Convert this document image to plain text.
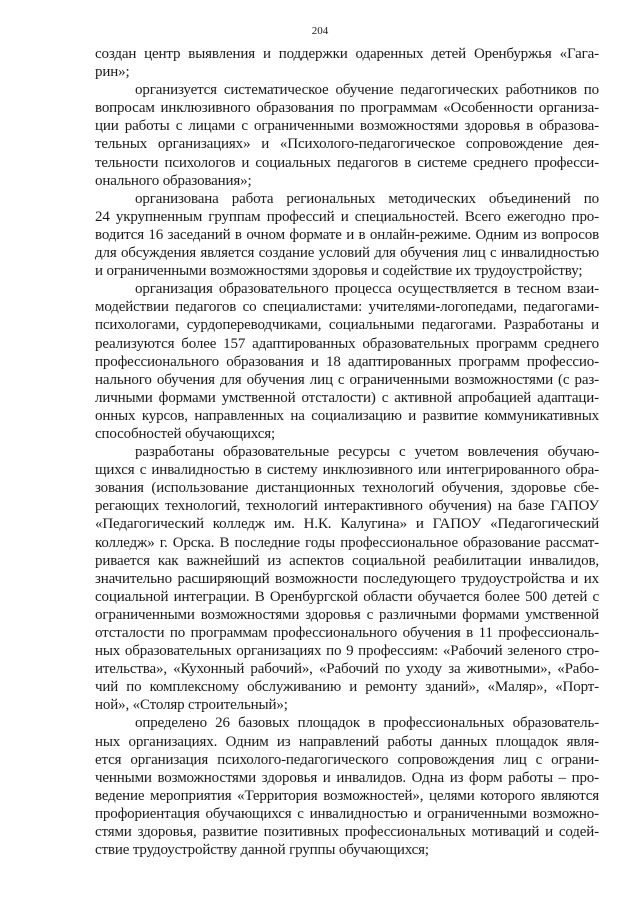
204
создан центр выявления и поддержки одаренных детей Оренбуржья «Гага-
рин»;
организуется систематическое обучение педагогических работников по
вопросам инклюзивного образования по программам «Особенности организа-
ции работы с лицами с ограниченными возможностями здоровья в образова-
тельных организациях» и «Психолого-педагогическое сопровождение дея-
тельности психологов и социальных педагогов в системе среднего професси-
онального образования»;
организована работа региональных методических объединений по
24 укрупненным группам профессий и специальностей. Всего ежегодно про-
водится 16 заседаний в очном формате и в онлайн-режиме. Одним из вопросов
для обсуждения является создание условий для обучения лиц с инвалидностью
и ограниченными возможностями здоровья и содействие их трудоустройству;
организация образовательного процесса осуществляется в тесном взаи-
модействии педагогов со специалистами: учителями-логопедами, педагогами-
психологами, сурдопереводчиками, социальными педагогами. Разработаны и
реализуются более 157 адаптированных образовательных программ среднего
профессионального образования и 18 адаптированных программ профессио-
нального обучения для обучения лиц с ограниченными возможностями (с раз-
личными формами умственной отсталости) с активной апробацией адаптаци-
онных курсов, направленных на социализацию и развитие коммуникативных
способностей обучающихся;
разработаны образовательные ресурсы с учетом вовлечения обучаю-
щихся с инвалидностью в систему инклюзивного или интегрированного обра-
зования (использование дистанционных технологий обучения, здоровье сбе-
регающих технологий, технологий интерактивного обучения) на базе ГАПОУ
«Педагогический колледж им. Н.К. Калугина» и ГАПОУ «Педагогический
колледж» г. Орска. В последние годы профессиональное образование рассмат-
ривается как важнейший из аспектов социальной реабилитации инвалидов,
значительно расширяющий возможности последующего трудоустройства и их
социальной интеграции. В Оренбургской области обучается более 500 детей с
ограниченными возможностями здоровья с различными формами умственной
отсталости по программам профессионального обучения в 11 профессиональ-
ных образовательных организациях по 9 профессиям: «Рабочий зеленого стро-
ительства», «Кухонный рабочий», «Рабочий по уходу за животными», «Рабо-
чий по комплексному обслуживанию и ремонту зданий», «Маляр», «Порт-
ной», «Столяр строительный»;
определено 26 базовых площадок в профессиональных образователь-
ных организациях. Одним из направлений работы данных площадок явля-
ется организация психолого-педагогического сопровождения лиц с ограни-
ченными возможностями здоровья и инвалидов. Одна из форм работы – про-
ведение мероприятия «Территория возможностей», целями которого являются
профориентация обучающихся с инвалидностью и ограниченными возможно-
стями здоровья, развитие позитивных профессиональных мотиваций и содей-
ствие трудоустройству данной группы обучающихся;
